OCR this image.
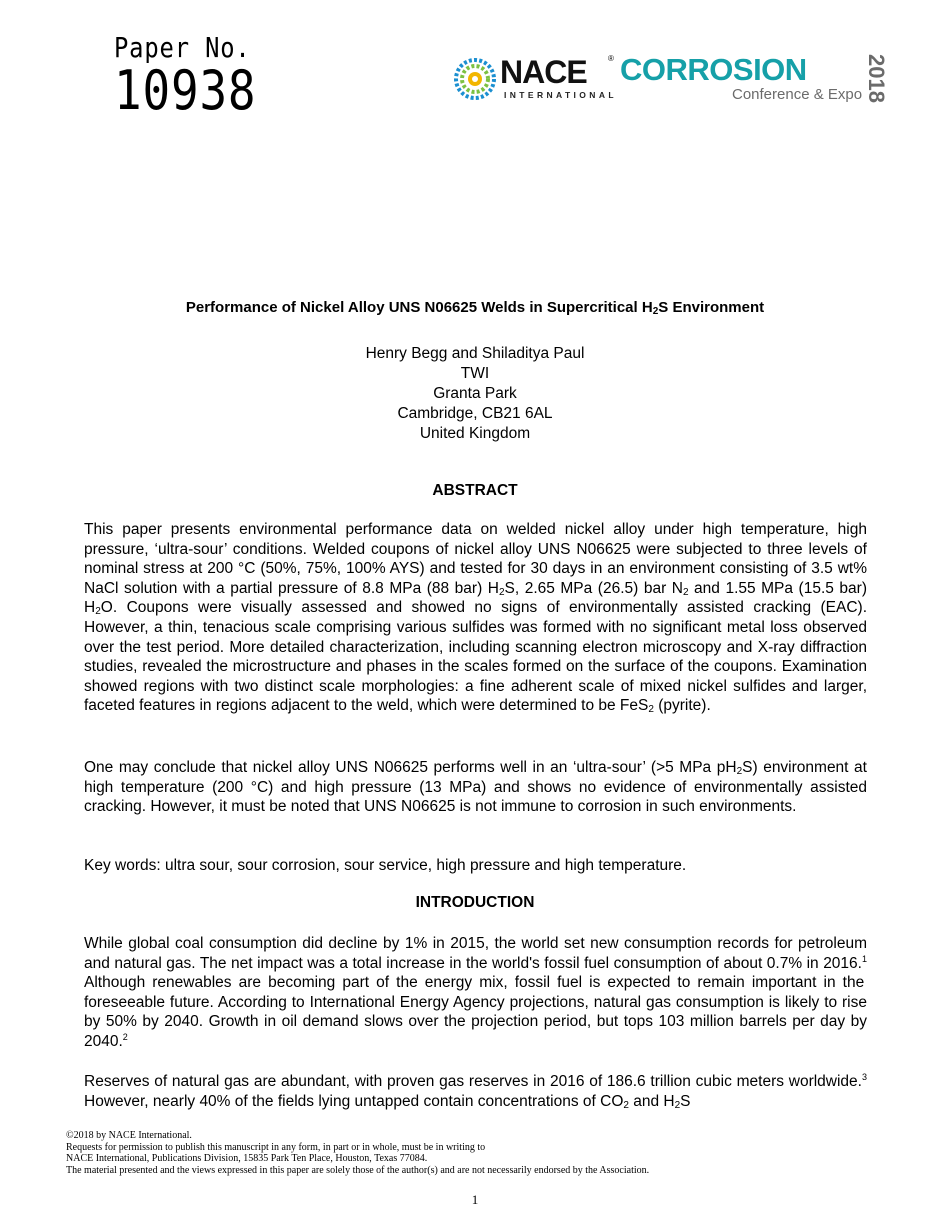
Paper No.
10938	NACE	®
INTERNATIONAL
CORROSION
Conference & Expo 2018
Performance of Nickel Alloy UNS N06625 Welds in Supercritical $H_2S$ Environment
Henry Begg and Shiladitya Paul
TWI
Granta Park
Cambridge, CB21 6AL
United Kingdom
ABSTRACT
This paper presents environmental performance data on welded nickel alloy under high temperature, high pressure, ‘ultra-sour’ conditions. Welded coupons of nickel alloy UNS N06625 were subjected to three levels of nominal stress at 200 °C (50%, 75%, 100% AYS) and tested for 30 days in an environment consisting of 3.5 wt% NaCl solution with a partial pressure of 8.8 MPa (88 bar) $H_2S$, 2.65 MPa (26.5) bar $N_2$ and 1.55 MPa (15.5 bar) $H_2O$. Coupons were visually assessed and showed no signs of environmentally assisted cracking (EAC). However, a thin, tenacious scale comprising various sulfides was formed with no significant metal loss observed over the test period. More detailed characterization, including scanning electron microscopy and X-ray diffraction studies, revealed the microstructure and phases in the scales formed on the surface of the coupons. Examination showed regions with two distinct scale morphologies: a fine adherent scale of mixed nickel sulfides and larger, faceted features in regions adjacent to the weld, which were determined to be FeS$_2$ (pyrite).
One may conclude that nickel alloy UNS N06625 performs well in an ‘ultra-sour’ (>5 MPa $pH_2S$) environment at high temperature (200 °C) and high pressure (13 MPa) and shows no evidence of environmentally assisted cracking. However, it must be noted that UNS N06625 is not immune to corrosion in such environments.
Key words: ultra sour, sour corrosion, sour service, high pressure and high temperature.
INTRODUCTION
While global coal consumption did decline by 1% in 2015, the world set new consumption records for petroleum and natural gas. The net impact was a total increase in the world's fossil fuel consumption of about 0.7% in 2016.$^1$ Although renewables are becoming part of the energy mix, fossil fuel is expected to remain important in the foreseeable future. According to International Energy Agency projections, natural gas consumption is likely to rise by 50% by 2040. Growth in oil demand slows over the projection period, but tops 103 million barrels per day by 2040.$^2$
Reserves of natural gas are abundant, with proven gas reserves in 2016 of 186.6 trillion cubic meters worldwide.$^3$ However, nearly 40% of the fields lying untapped contain concentrations of $CO_2$ and $H_2S$
©2018 by NACE International.
Requests for permission to publish this manuscript in any form, in part or in whole, must be in writing to
NACE International, Publications Division, 15835 Park Ten Place, Houston, Texas 77084.
The material presented and the views expressed in this paper are solely those of the author(s) and are not necessarily endorsed by the Association.
1
